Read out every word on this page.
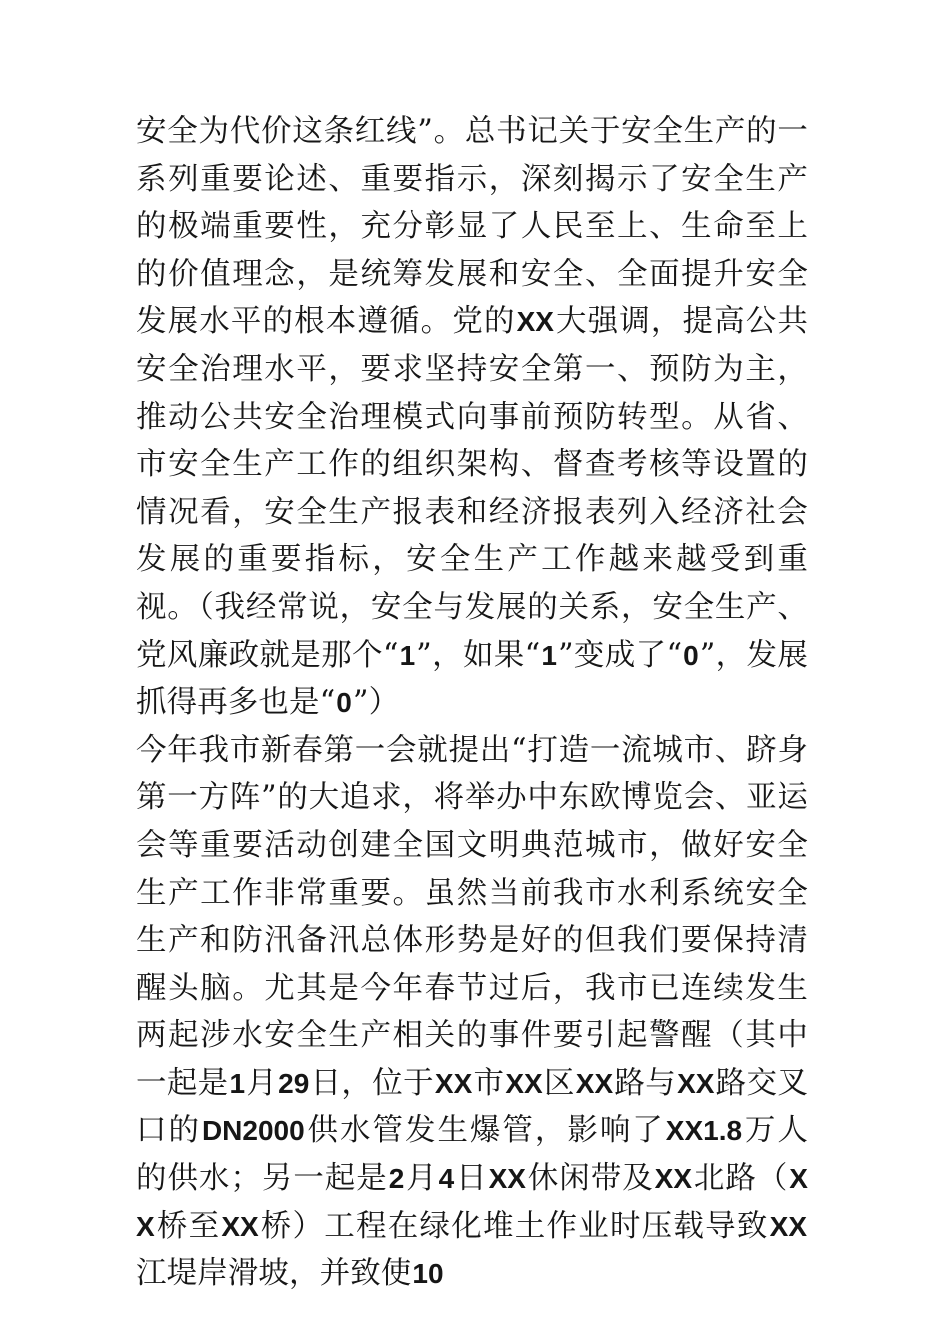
安全为代价这条红线”。总书记关于安全生产的一系列重要论述、重要指示，深刻揭示了安全生产的极端重要性，充分彰显了人民至上、生命至上的价值理念，是统筹发展和安全、全面提升安全发展水平的根本遵循。党的XX大强调，提高公共安全治理水平，要求坚持安全第一、预防为主，推动公共安全治理模式向事前预防转型。从省、市安全生产工作的组织架构、督查考核等设置的情况看，安全生产报表和经济报表列入经济社会发展的重要指标，安全生产工作越来越受到重视。（我经常说，安全与发展的关系，安全生产、党风廉政就是那个“1”，如果“1”变成了“0”，发展抓得再多也是“0”）

今年我市新春第一会就提出“打造一流城市、跻身第一方阵”的大追求，将举办中东欧博览会、亚运会等重要活动创建全国文明典范城市，做好安全生产工作非常重要。虽然当前我市水利系统安全生产和防汛备汛总体形势是好的但我们要保持清醒头脑。尤其是今年春节过后，我市已连续发生两起涉水安全生产相关的事件要引起警醒（其中一起是1月29日，位于XX市XX区XX路与XX路交叉口的DN2000供水管发生爆管，影响了XX1.8万人的供水；另一起是2月4日XX休闲带及XX北路（XX桥至XX桥）工程在绿化堆土作业时压载导致XX江堤岸滑坡，并致使10
